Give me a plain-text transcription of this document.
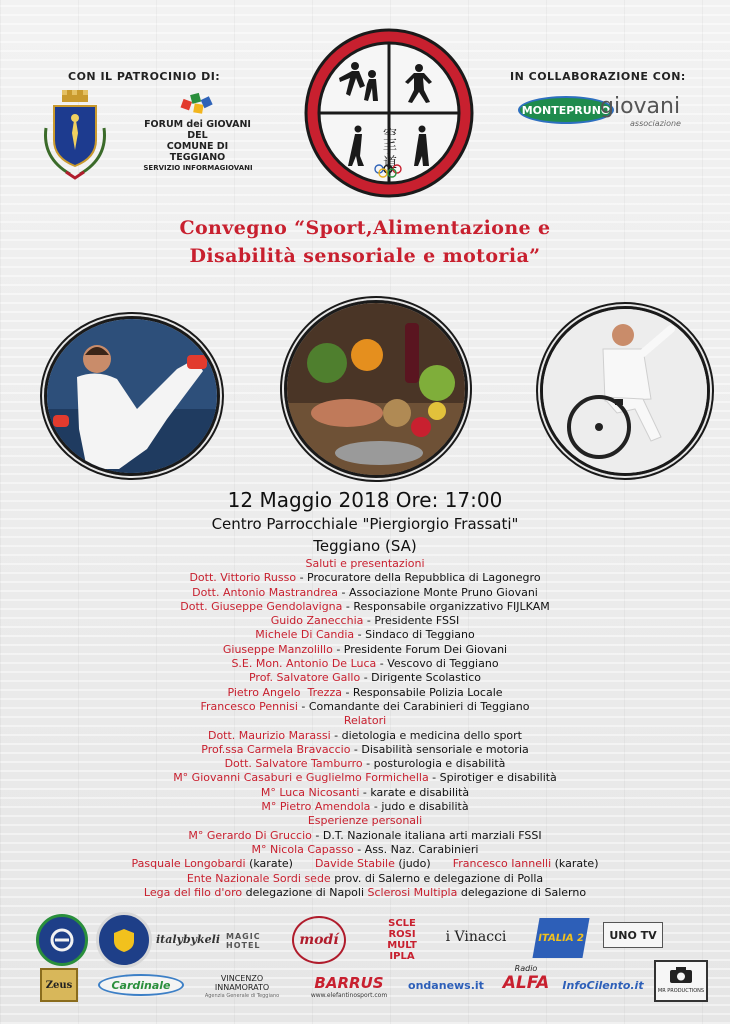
CON IL PATROCINIO DI:
FORUM dei GIOVANI
DEL
COMUNE DI TEGGIANO
SERVIZIO INFORMAGIOVANI	空手道
IN COLLABORAZIONE CON:
MONTE PRUNO
giovani
associazione
Convegno “Sport,Alimentazione e
Disabilità sensoriale e motoria”
12 Maggio 2018 Ore: 17:00
Centro Parrocchiale "Piergiorgio Frassati"
Teggiano (SA)
Saluti e presentazioni
Dott. Vittorio Russo - Procuratore della Repubblica di Lagonegro
Dott. Antonio Mastrandrea - Associazione Monte Pruno Giovani
Dott. Giuseppe Gendolavigna - Responsabile organizzativo FIJLKAM
Guido Zanecchia - Presidente FSSI
Michele Di Candia - Sindaco di Teggiano
Giuseppe Manzolillo - Presidente Forum Dei Giovani
S.E. Mon. Antonio De Luca - Vescovo di Teggiano
Prof. Salvatore Gallo - Dirigente Scolastico
Pietro Angelo  Trezza - Responsabile Polizia Locale
Francesco Pennisi - Comandante dei Carabinieri di Teggiano
Relatori
Dott. Maurizio Marassi - dietologia e medicina dello sport
Prof.ssa Carmela Bravaccio - Disabilità sensoriale e motoria
Dott. Salvatore Tamburro - posturologia e disabilità
M° Giovanni Casaburi e Guglielmo Formichella - Spirotiger e disabilità
M° Luca Nicosanti - karate e disabilità
M° Pietro Amendola - judo e disabilità
Esperienze personali
M° Gerardo Di Gruccio - D.T. Nazionale italiana arti marziali FSSI
M° Nicola Capasso - Ass. Naz. Carabinieri
Pasquale Longobardi (karate) Davide Stabile (judo) Francesco Iannelli (karate)
Ente Nazionale Sordi sede prov. di Salerno e delegazione di Polla
Lega del filo d'oro delegazione di Napoli Sclerosi Multipla delegazione di Salerno
italybykeli MAGIC HOTEL	modí
SCLE ROSI MULT IPLA
i Vinacci	ITALIA 2	UNO TV
Zeus	Cardinale	VINCENZO
INNAMORATO
Agenzia Generale di Teggiano
BARRUS
www.elefantinosport.com
ondanews.it
Radio
ALFA	InfoCilento.it	MR PRODUCTIONS
